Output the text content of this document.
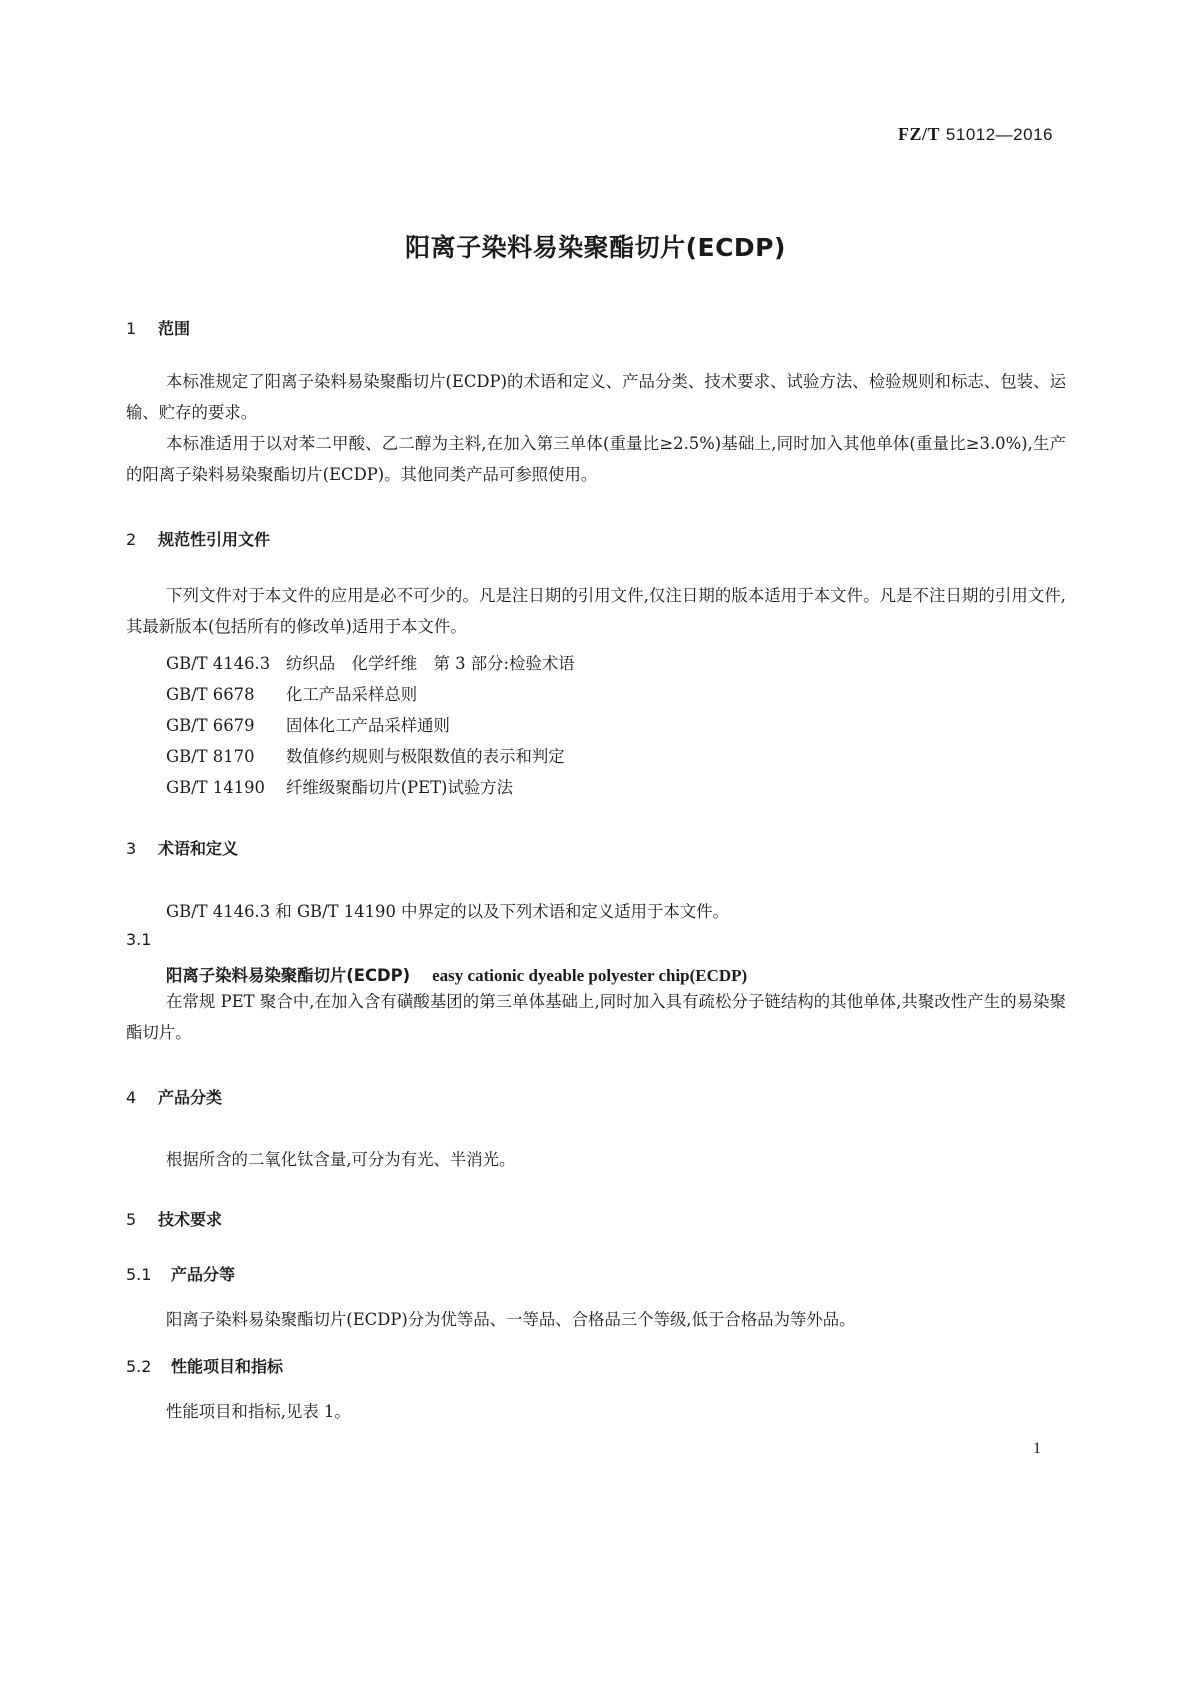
FZ/T 51012—2016
阳离子染料易染聚酯切片(ECDP)
1 范围
本标准规定了阳离子染料易染聚酯切片(ECDP)的术语和定义、产品分类、技术要求、试验方法、检验规则和标志、包装、运输、贮存的要求。
本标准适用于以对苯二甲酸、乙二醇为主料,在加入第三单体(重量比≥2.5%)基础上,同时加入其他单体(重量比≥3.0%),生产的阳离子染料易染聚酯切片(ECDP)。其他同类产品可参照使用。
2 规范性引用文件
下列文件对于本文件的应用是必不可少的。凡是注日期的引用文件,仅注日期的版本适用于本文件。凡是不注日期的引用文件,其最新版本(包括所有的修改单)适用于本文件。
GB/T 4146.3 纺织品　化学纤维　第 3 部分:检验术语
GB/T 6678 化工产品采样总则
GB/T 6679 固体化工产品采样通则
GB/T 8170 数值修约规则与极限数值的表示和判定
GB/T 14190 纤维级聚酯切片(PET)试验方法
3 术语和定义
GB/T 4146.3 和 GB/T 14190 中界定的以及下列术语和定义适用于本文件。
3.1
阳离子染料易染聚酯切片(ECDP) easy cationic dyeable polyester chip(ECDP)
在常规 PET 聚合中,在加入含有磺酸基团的第三单体基础上,同时加入具有疏松分子链结构的其他单体,共聚改性产生的易染聚酯切片。
4 产品分类
根据所含的二氧化钛含量,可分为有光、半消光。
5 技术要求
5.1 产品分等
阳离子染料易染聚酯切片(ECDP)分为优等品、一等品、合格品三个等级,低于合格品为等外品。
5.2 性能项目和指标
性能项目和指标,见表 1。
1
